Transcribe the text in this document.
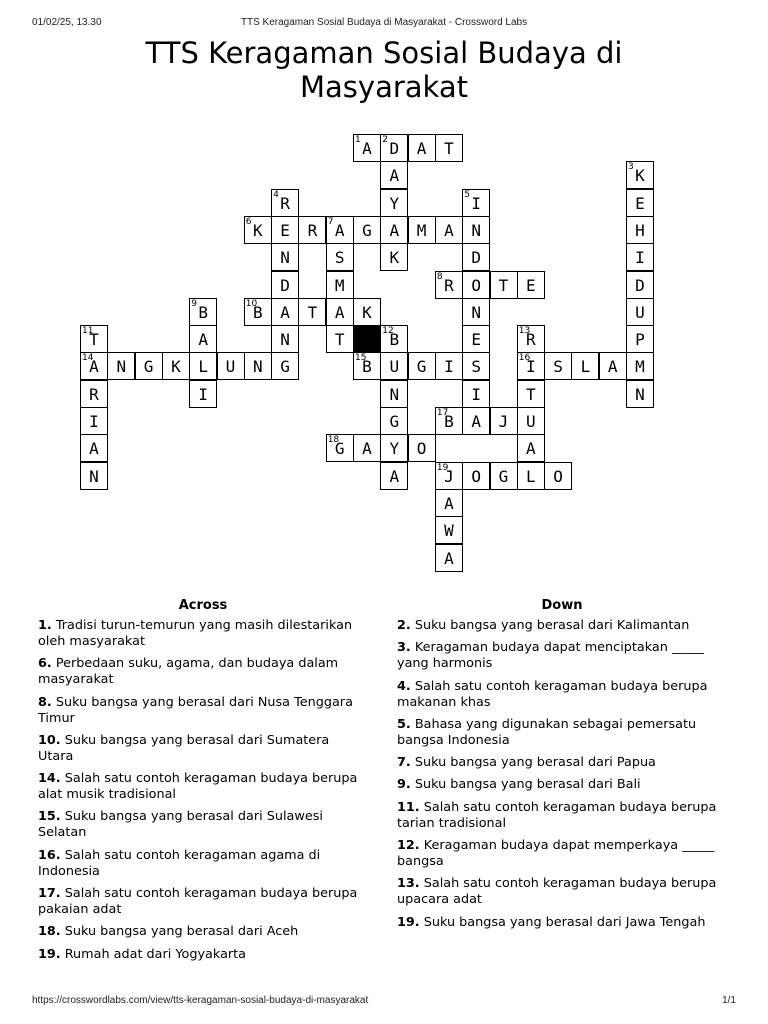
01/02/25, 13.30	TTS Keragaman Sosial Budaya di Masyarakat - Crossword Labs
TTS Keragaman Sosial Budaya di Masyarakat
1 A	2 D	A	T
6 K	E	R	7 A	G	A	M	A	N
8 R	O	T	E
10
B	A	T	A	K
14
A	N	G	K	L	U	N	G	15
B	U	G	I	S	16
I	S	L	A	M
17
B	A	J	U
18
G	A	Y	O
19
J	O	G	L	O
A
Y
K
3 K
E
H
I
D
U
P
N
4 R
N
D
N
5 I
D
N
E
I
S
M
T
9 B
A
I
11
T
R
I
A
N
12
B
N
G
A
13
R
T
A
A
W
A
Across
1. Tradisi turun-temurun yang masih dilestarikan oleh masyarakat
6. Perbedaan suku, agama, dan budaya dalam masyarakat
8. Suku bangsa yang berasal dari Nusa Tenggara Timur
10. Suku bangsa yang berasal dari Sumatera Utara
14. Salah satu contoh keragaman budaya berupa alat musik tradisional
15. Suku bangsa yang berasal dari Sulawesi Selatan
16. Salah satu contoh keragaman agama di Indonesia
17. Salah satu contoh keragaman budaya berupa pakaian adat
18. Suku bangsa yang berasal dari Aceh
19. Rumah adat dari Yogyakarta
Down
2. Suku bangsa yang berasal dari Kalimantan
3. Keragaman budaya dapat menciptakan _____ yang harmonis
4. Salah satu contoh keragaman budaya berupa makanan khas
5. Bahasa yang digunakan sebagai pemersatu bangsa Indonesia
7. Suku bangsa yang berasal dari Papua
9. Suku bangsa yang berasal dari Bali
11. Salah satu contoh keragaman budaya berupa tarian tradisional
12. Keragaman budaya dapat memperkaya _____ bangsa
13. Salah satu contoh keragaman budaya berupa upacara adat
19. Suku bangsa yang berasal dari Jawa Tengah
https://crosswordlabs.com/view/tts-keragaman-sosial-budaya-di-masyarakat	1/1
